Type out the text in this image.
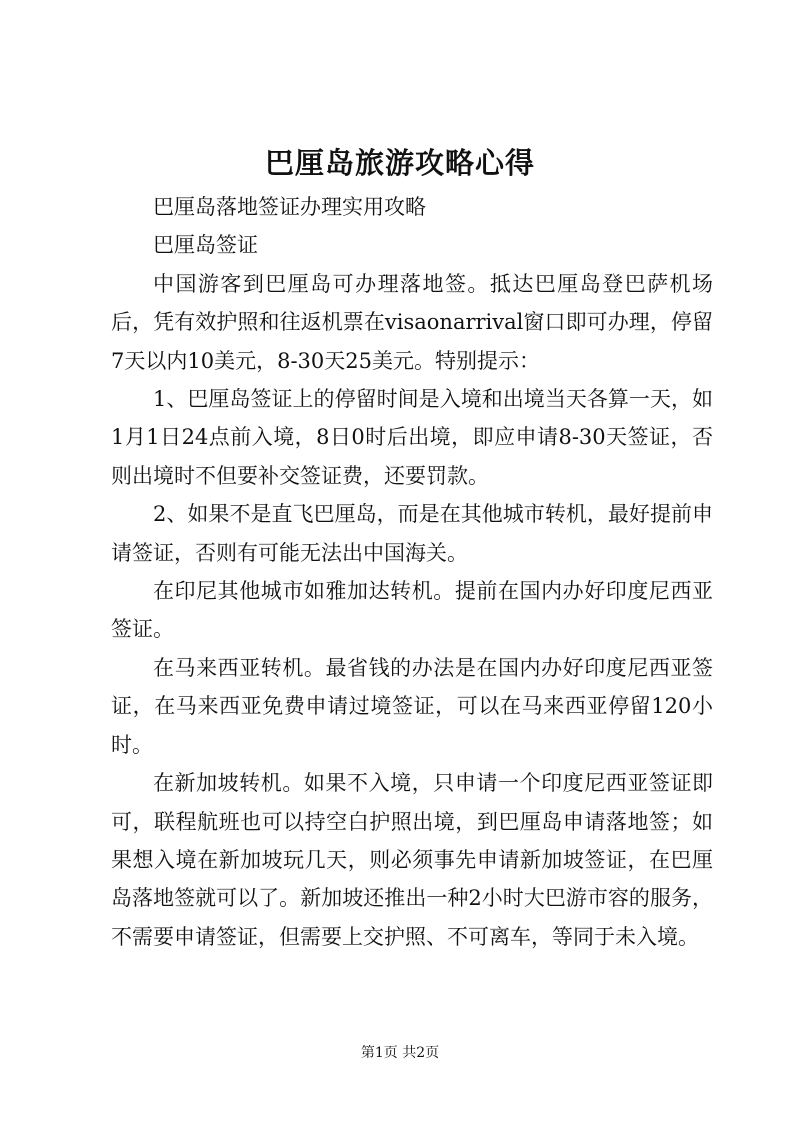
巴厘岛旅游攻略心得

巴厘岛落地签证办理实用攻略

巴厘岛签证

中国游客到巴厘岛可办理落地签。抵达巴厘岛登巴萨机场后，凭有效护照和往返机票在visaonarrival窗口即可办理，停留7天以内10美元，8-30天25美元。特别提示：

1、巴厘岛签证上的停留时间是入境和出境当天各算一天，如1月1日24点前入境，8日0时后出境，即应申请8-30天签证，否则出境时不但要补交签证费，还要罚款。

2、如果不是直飞巴厘岛，而是在其他城市转机，最好提前申请签证，否则有可能无法出中国海关。

在印尼其他城市如雅加达转机。提前在国内办好印度尼西亚签证。

在马来西亚转机。最省钱的办法是在国内办好印度尼西亚签证，在马来西亚免费申请过境签证，可以在马来西亚停留120小时。

在新加坡转机。如果不入境，只申请一个印度尼西亚签证即可，联程航班也可以持空白护照出境，到巴厘岛申请落地签；如果想入境在新加坡玩几天，则必须事先申请新加坡签证，在巴厘岛落地签就可以了。新加坡还推出一种2小时大巴游市容的服务，不需要申请签证，但需要上交护照、不可离车，等同于未入境。

第1页 共2页
